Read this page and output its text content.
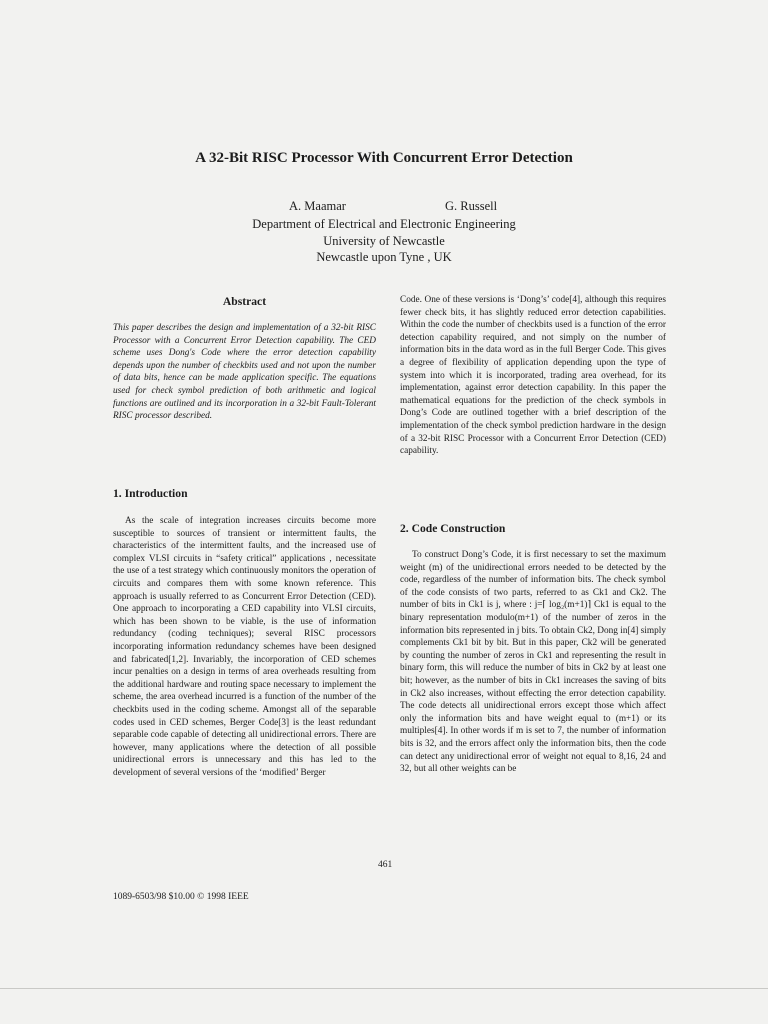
A 32-Bit RISC Processor With Concurrent Error Detection
A. Maamar	G. Russell
Department of Electrical and Electronic Engineering
University of Newcastle
Newcastle upon Tyne , UK
Abstract
This paper describes the design and implementation of a 32-bit RISC Processor with a Concurrent Error Detection capability. The CED scheme uses Dong's Code where the error detection capability depends upon the number of checkbits used and not upon the number of data bits, hence can be made application specific. The equations used for check symbol prediction of both arithmetic and logical functions are outlined and its incorporation in a 32-bit Fault-Tolerant RISC processor described.
1. Introduction
As the scale of integration increases circuits become more susceptible to sources of transient or intermittent faults, the characteristics of the intermittent faults, and the increased use of complex VLSI circuits in “safety critical” applications , necessitate the use of a test strategy which continuously monitors the operation of circuits and compares them with some known reference. This approach is usually referred to as Concurrent Error Detection (CED). One approach to incorporating a CED capability into VLSI circuits, which has been shown to be viable, is the use of information redundancy (coding techniques); several RISC processors incorporating information redundancy schemes have been designed and fabricated[1,2]. Invariably, the incorporation of CED schemes incur penalties on a design in terms of area overheads resulting from the additional hardware and routing space necessary to implement the scheme, the area overhead incurred is a function of the number of the checkbits used in the coding scheme. Amongst all of the separable codes used in CED schemes, Berger Code[3] is the least redundant separable code capable of detecting all unidirectional errors. There are however, many applications where the detection of all possible unidirectional errors is unnecessary and this has led to the development of several versions of the ‘modified’ Berger
Code. One of these versions is ‘Dong’s’ code[4], although this requires fewer check bits, it has slightly reduced error detection capabilities. Within the code the number of checkbits used is a function of the error detection capability required, and not simply on the number of information bits in the data word as in the full Berger Code. This gives a degree of flexibility of application depending upon the type of system into which it is incorporated, trading area overhead, for its implementation, against error detection capability. In this paper the mathematical equations for the prediction of the check symbols in Dong’s Code are outlined together with a brief description of the implementation of the check symbol prediction hardware in the design of a 32-bit RISC Processor with a Concurrent Error Detection (CED) capability.
2. Code Construction
To construct Dong’s Code, it is first necessary to set the maximum weight (m) of the unidirectional errors needed to be detected by the code, regardless of the number of information bits. The check symbol of the code consists of two parts, referred to as Ck1 and Ck2. The number of bits in Ck1 is j, where : j=⌈ log₂(m+1)⌉ Ck1 is equal to the binary representation modulo(m+1) of the number of zeros in the information bits represented in j bits. To obtain Ck2, Dong in[4] simply complements Ck1 bit by bit. But in this paper, Ck2 will be generated by counting the number of zeros in Ck1 and representing the result in binary form, this will reduce the number of bits in Ck2 by at least one bit; however, as the number of bits in Ck1 increases the saving of bits in Ck2 also increases, without effecting the error detection capability. The code detects all unidirectional errors except those which affect only the information bits and have weight equal to (m+1) or its multiples[4]. In other words if m is set to 7, the number of information bits is 32, and the errors affect only the information bits, then the code can detect any unidirectional error of weight not equal to 8,16, 24 and 32, but all other weights can be
461
1089-6503/98 $10.00 © 1998 IEEE
